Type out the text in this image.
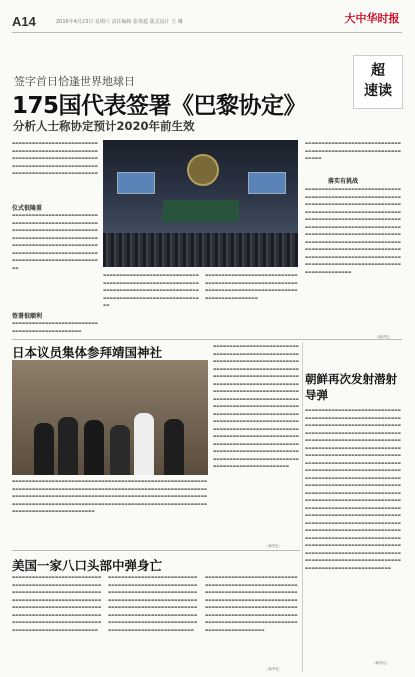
A14	2016年4月23日 星期六 责任编辑 张贵超 版式设计 王 琳	大中华时报
超
速读
签字首日恰逢世界地球日
175国代表签署《巴黎协定》
分析人士称协定预计2020年前生效
▬▬▬▬▬▬▬▬▬▬▬▬▬▬▬▬▬▬▬▬▬▬▬▬▬▬▬▬▬▬▬▬▬▬▬▬▬▬▬▬▬▬▬▬▬▬▬▬▬▬▬▬▬▬▬▬▬▬▬▬▬▬▬▬▬▬▬▬▬▬▬▬▬▬▬▬▬▬▬▬▬▬▬▬▬▬▬▬▬▬▬▬▬▬▬▬▬▬▬▬▬▬▬▬▬▬▬▬▬▬▬▬▬▬▬▬▬▬▬▬▬▬▬▬▬▬▬▬▬▬
仪式很隆重
▬▬▬▬▬▬▬▬▬▬▬▬▬▬▬▬▬▬▬▬▬▬▬▬▬▬▬▬▬▬▬▬▬▬▬▬▬▬▬▬▬▬▬▬▬▬▬▬▬▬▬▬▬▬▬▬▬▬▬▬▬▬▬▬▬▬▬▬▬▬▬▬▬▬▬▬▬▬▬▬▬▬▬▬▬▬▬▬▬▬▬▬▬▬▬▬▬▬▬▬▬▬▬▬▬▬▬▬▬▬▬▬▬▬▬▬▬▬▬▬▬▬▬▬▬▬▬▬▬▬▬▬▬▬▬▬▬▬▬▬▬▬▬▬▬▬▬▬▬▬▬▬▬▬▬▬▬▬▬▬▬▬▬▬▬▬▬▬▬▬▬▬▬▬▬▬▬▬▬▬▬▬▬▬
签署很顺利
▬▬▬▬▬▬▬▬▬▬▬▬▬▬▬▬▬▬▬▬▬▬▬▬▬▬▬▬▬▬▬▬▬▬▬▬▬▬▬▬▬▬▬▬▬▬▬
▬▬▬▬▬▬▬▬▬▬▬▬▬▬▬▬▬▬▬▬▬▬▬▬▬▬▬▬▬▬▬▬▬▬▬▬▬▬▬▬▬▬▬▬▬▬▬▬▬▬▬▬▬▬▬▬▬▬▬▬▬▬▬▬▬▬▬▬▬▬▬▬▬▬▬▬▬▬▬▬▬▬▬▬▬▬▬▬▬▬▬▬▬▬▬▬▬▬▬▬▬▬▬▬▬▬▬▬▬▬▬▬▬▬▬▬▬▬
▬▬▬▬▬▬▬▬▬▬▬▬▬▬▬▬▬▬▬▬▬▬▬▬▬▬▬▬▬▬▬▬▬▬▬▬▬▬▬▬▬▬▬▬▬▬▬▬▬▬▬▬▬▬▬▬▬▬▬▬▬▬▬▬▬▬▬▬▬▬▬▬▬▬▬▬▬▬▬▬▬▬▬▬▬▬▬▬▬▬▬▬▬▬▬▬▬▬▬▬
▬▬▬▬▬▬▬▬▬▬▬▬▬▬▬▬▬▬▬▬▬▬▬▬▬▬▬▬▬▬▬▬▬▬▬▬▬▬▬▬▬▬▬▬▬▬▬▬▬▬▬▬▬▬▬▬▬▬▬▬▬▬▬
落实有挑战
▬▬▬▬▬▬▬▬▬▬▬▬▬▬▬▬▬▬▬▬▬▬▬▬▬▬▬▬▬▬▬▬▬▬▬▬▬▬▬▬▬▬▬▬▬▬▬▬▬▬▬▬▬▬▬▬▬▬▬▬▬▬▬▬▬▬▬▬▬▬▬▬▬▬▬▬▬▬▬▬▬▬▬▬▬▬▬▬▬▬▬▬▬▬▬▬▬▬▬▬▬▬▬▬▬▬▬▬▬▬▬▬▬▬▬▬▬▬▬▬▬▬▬▬▬▬▬▬▬▬▬▬▬▬▬▬▬▬▬▬▬▬▬▬▬▬▬▬▬▬▬▬▬▬▬▬▬▬▬▬▬▬▬▬▬▬▬▬▬▬▬▬▬▬▬▬▬▬▬▬▬▬▬▬▬▬▬▬▬▬▬▬▬▬▬▬▬▬▬▬▬▬▬▬▬▬▬▬▬▬▬▬▬▬▬▬▬▬▬▬▬▬▬▬▬▬▬▬▬▬▬▬▬▬▬▬▬▬▬▬▬▬▬▬▬▬▬▬▬▬▬▬▬▬▬▬▬▬▬▬▬▬▬▬▬▬▬▬▬▬▬▬▬▬▬▬▬▬▬▬▬▬▬▬▬▬▬▬▬▬▬▬▬▬▬▬▬▬▬▬▬▬▬▬▬▬▬▬▬▬▬▬▬▬▬▬▬▬▬▬▬▬▬▬▬▬▬▬▬▬▬▬▬
（新华社）
日本议员集体参拜靖国神社
▬▬▬▬▬▬▬▬▬▬▬▬▬▬▬▬▬▬▬▬▬▬▬▬▬▬▬▬▬▬▬▬▬▬▬▬▬▬▬▬▬▬▬▬▬▬▬▬▬▬▬▬▬▬▬▬▬▬▬▬▬▬▬▬▬▬▬▬▬▬▬▬▬▬▬▬▬▬▬▬▬▬▬▬▬▬▬▬▬▬▬▬▬▬▬▬▬▬▬▬▬▬▬▬▬▬▬▬▬▬▬▬▬▬▬▬▬▬▬▬▬▬▬▬▬▬▬▬▬▬▬▬▬▬▬▬▬▬▬▬▬▬▬▬▬▬▬▬▬▬▬▬▬▬▬▬▬▬▬▬▬▬▬▬▬▬▬▬▬▬▬▬▬▬▬▬▬▬▬▬▬▬▬▬▬▬▬▬▬▬▬▬▬▬▬▬▬▬▬▬▬▬▬▬▬▬▬▬▬▬▬▬▬▬▬▬▬▬▬▬▬▬▬▬▬▬▬▬▬▬▬▬▬▬▬▬▬▬▬▬▬▬▬▬▬▬▬▬▬▬▬▬▬▬▬▬▬▬▬▬▬
▬▬▬▬▬▬▬▬▬▬▬▬▬▬▬▬▬▬▬▬▬▬▬▬▬▬▬▬▬▬▬▬▬▬▬▬▬▬▬▬▬▬▬▬▬▬▬▬▬▬▬▬▬▬▬▬▬▬▬▬▬▬▬▬▬▬▬▬▬▬▬▬▬▬▬▬▬▬▬▬▬▬▬▬▬▬▬▬▬▬▬▬▬▬▬▬▬▬▬▬▬▬▬▬▬▬▬▬▬▬▬▬▬▬▬▬▬▬▬▬▬▬▬▬▬▬▬▬▬▬▬▬▬▬▬▬▬▬▬▬▬▬▬▬▬▬▬▬▬▬▬▬▬▬▬▬▬▬▬▬▬▬▬▬▬▬▬▬▬▬▬▬▬▬▬▬▬▬▬▬▬▬▬▬▬▬▬▬▬▬▬▬▬▬▬▬▬▬▬▬▬▬▬▬▬▬▬▬▬▬▬▬▬▬▬▬▬▬▬▬▬▬▬▬▬▬▬▬▬▬▬▬▬▬▬▬▬▬▬▬▬▬▬▬▬▬▬▬▬▬▬▬▬▬▬▬▬▬▬▬▬▬▬▬▬▬▬▬▬▬▬▬▬▬▬▬▬▬▬▬▬▬▬▬▬▬▬▬▬▬▬▬▬▬▬▬▬▬▬▬▬▬▬▬▬▬▬▬▬▬▬▬▬▬▬▬▬▬▬▬▬▬▬▬▬▬▬▬▬▬▬▬▬▬▬▬▬▬▬▬▬▬▬▬▬▬▬▬▬▬▬▬▬▬▬▬▬▬▬▬▬▬▬▬▬▬▬▬▬▬▬▬▬▬▬▬▬▬▬▬▬▬▬▬▬▬▬▬▬▬▬▬▬▬▬▬▬▬▬▬▬▬▬▬▬▬▬▬▬▬▬▬▬▬▬▬▬▬▬▬▬▬▬▬▬▬▬▬▬▬▬▬▬▬▬▬▬▬▬
（新华社）
美国一家八口头部中弹身亡
▬▬▬▬▬▬▬▬▬▬▬▬▬▬▬▬▬▬▬▬▬▬▬▬▬▬▬▬▬▬▬▬▬▬▬▬▬▬▬▬▬▬▬▬▬▬▬▬▬▬▬▬▬▬▬▬▬▬▬▬▬▬▬▬▬▬▬▬▬▬▬▬▬▬▬▬▬▬▬▬▬▬▬▬▬▬▬▬▬▬▬▬▬▬▬▬▬▬▬▬▬▬▬▬▬▬▬▬▬▬▬▬▬▬▬▬▬▬▬▬▬▬▬▬▬▬▬▬▬▬▬▬▬▬▬▬▬▬▬▬▬▬▬▬▬▬▬▬▬▬▬▬▬▬▬▬▬▬▬▬▬▬▬▬▬▬▬▬▬▬▬▬▬▬▬▬▬▬▬▬▬▬▬▬▬▬▬▬▬▬▬▬▬▬▬▬▬▬▬▬▬▬▬▬▬▬▬▬▬▬▬▬▬▬▬
▬▬▬▬▬▬▬▬▬▬▬▬▬▬▬▬▬▬▬▬▬▬▬▬▬▬▬▬▬▬▬▬▬▬▬▬▬▬▬▬▬▬▬▬▬▬▬▬▬▬▬▬▬▬▬▬▬▬▬▬▬▬▬▬▬▬▬▬▬▬▬▬▬▬▬▬▬▬▬▬▬▬▬▬▬▬▬▬▬▬▬▬▬▬▬▬▬▬▬▬▬▬▬▬▬▬▬▬▬▬▬▬▬▬▬▬▬▬▬▬▬▬▬▬▬▬▬▬▬▬▬▬▬▬▬▬▬▬▬▬▬▬▬▬▬▬▬▬▬▬▬▬▬▬▬▬▬▬▬▬▬▬▬▬▬▬▬▬▬▬▬▬▬▬▬▬▬▬▬▬▬▬▬▬▬▬▬▬▬▬▬▬▬▬▬▬▬▬▬▬▬▬▬▬▬▬▬▬▬▬▬▬▬▬▬
▬▬▬▬▬▬▬▬▬▬▬▬▬▬▬▬▬▬▬▬▬▬▬▬▬▬▬▬▬▬▬▬▬▬▬▬▬▬▬▬▬▬▬▬▬▬▬▬▬▬▬▬▬▬▬▬▬▬▬▬▬▬▬▬▬▬▬▬▬▬▬▬▬▬▬▬▬▬▬▬▬▬▬▬▬▬▬▬▬▬▬▬▬▬▬▬▬▬▬▬▬▬▬▬▬▬▬▬▬▬▬▬▬▬▬▬▬▬▬▬▬▬▬▬▬▬▬▬▬▬▬▬▬▬▬▬▬▬▬▬▬▬▬▬▬▬▬▬▬▬▬▬▬▬▬▬▬▬▬▬▬▬▬▬▬▬▬▬▬▬▬▬▬▬▬▬▬▬▬▬▬▬▬▬▬▬▬▬▬▬▬▬▬▬▬▬▬▬▬▬▬▬▬▬▬▬▬▬▬▬▬▬▬▬
（新华社）
朝鲜再次发射潜射导弹
▬▬▬▬▬▬▬▬▬▬▬▬▬▬▬▬▬▬▬▬▬▬▬▬▬▬▬▬▬▬▬▬▬▬▬▬▬▬▬▬▬▬▬▬▬▬▬▬▬▬▬▬▬▬▬▬▬▬▬▬▬▬▬▬▬▬▬▬▬▬▬▬▬▬▬▬▬▬▬▬▬▬▬▬▬▬▬▬▬▬▬▬▬▬▬▬▬▬▬▬▬▬▬▬▬▬▬▬▬▬▬▬▬▬▬▬▬▬▬▬▬▬▬▬▬▬▬▬▬▬▬▬▬▬▬▬▬▬▬▬▬▬▬▬▬▬▬▬▬▬▬▬▬▬▬▬▬▬▬▬▬▬▬▬▬▬▬▬▬▬▬▬▬▬▬▬▬▬▬▬▬▬▬▬▬▬▬▬▬▬▬▬▬▬▬▬▬▬▬▬▬▬▬▬▬▬▬▬▬▬▬▬▬▬▬▬▬▬▬▬▬▬▬▬▬▬▬▬▬▬▬▬▬▬▬▬▬▬▬▬▬▬▬▬▬▬▬▬▬▬▬▬▬▬▬▬▬▬▬▬▬▬▬▬▬▬▬▬▬▬▬▬▬▬▬▬▬▬▬▬▬▬▬▬▬▬▬▬▬▬▬▬▬▬▬▬▬▬▬▬▬▬▬▬▬▬▬▬▬▬▬▬▬▬▬▬▬▬▬▬▬▬▬▬▬▬▬▬▬▬▬▬▬▬▬▬▬▬▬▬▬▬▬▬▬▬▬▬▬▬▬▬▬▬▬▬▬▬▬▬▬▬▬▬▬▬▬▬▬▬▬▬▬▬▬▬▬▬▬▬▬▬▬▬▬▬▬▬▬▬▬▬▬▬▬▬▬▬▬▬▬▬▬▬▬▬▬▬▬▬▬▬▬▬▬▬▬▬▬▬▬▬▬▬▬▬▬▬▬▬▬▬▬▬▬▬▬▬▬▬▬▬▬▬▬▬▬▬▬▬▬▬▬▬▬▬▬▬▬▬▬▬▬▬▬▬▬▬▬▬▬▬▬▬▬▬▬▬▬▬▬▬▬▬▬▬▬▬▬▬▬▬▬▬▬▬▬▬▬▬▬▬▬▬▬▬▬▬▬▬▬▬▬▬▬▬▬▬▬▬▬▬▬▬▬▬▬▬▬▬▬▬▬▬▬▬▬▬▬▬▬▬▬▬▬▬▬▬▬▬▬▬▬▬▬▬▬▬▬▬▬▬▬▬▬▬▬▬▬▬▬▬▬▬▬▬▬▬▬▬▬▬▬▬▬▬▬▬▬▬▬▬▬▬▬▬▬▬▬▬▬▬▬▬▬▬▬▬▬▬▬▬▬▬▬▬▬▬▬▬▬▬▬▬▬▬▬▬▬▬▬▬▬▬▬
（新华社）
